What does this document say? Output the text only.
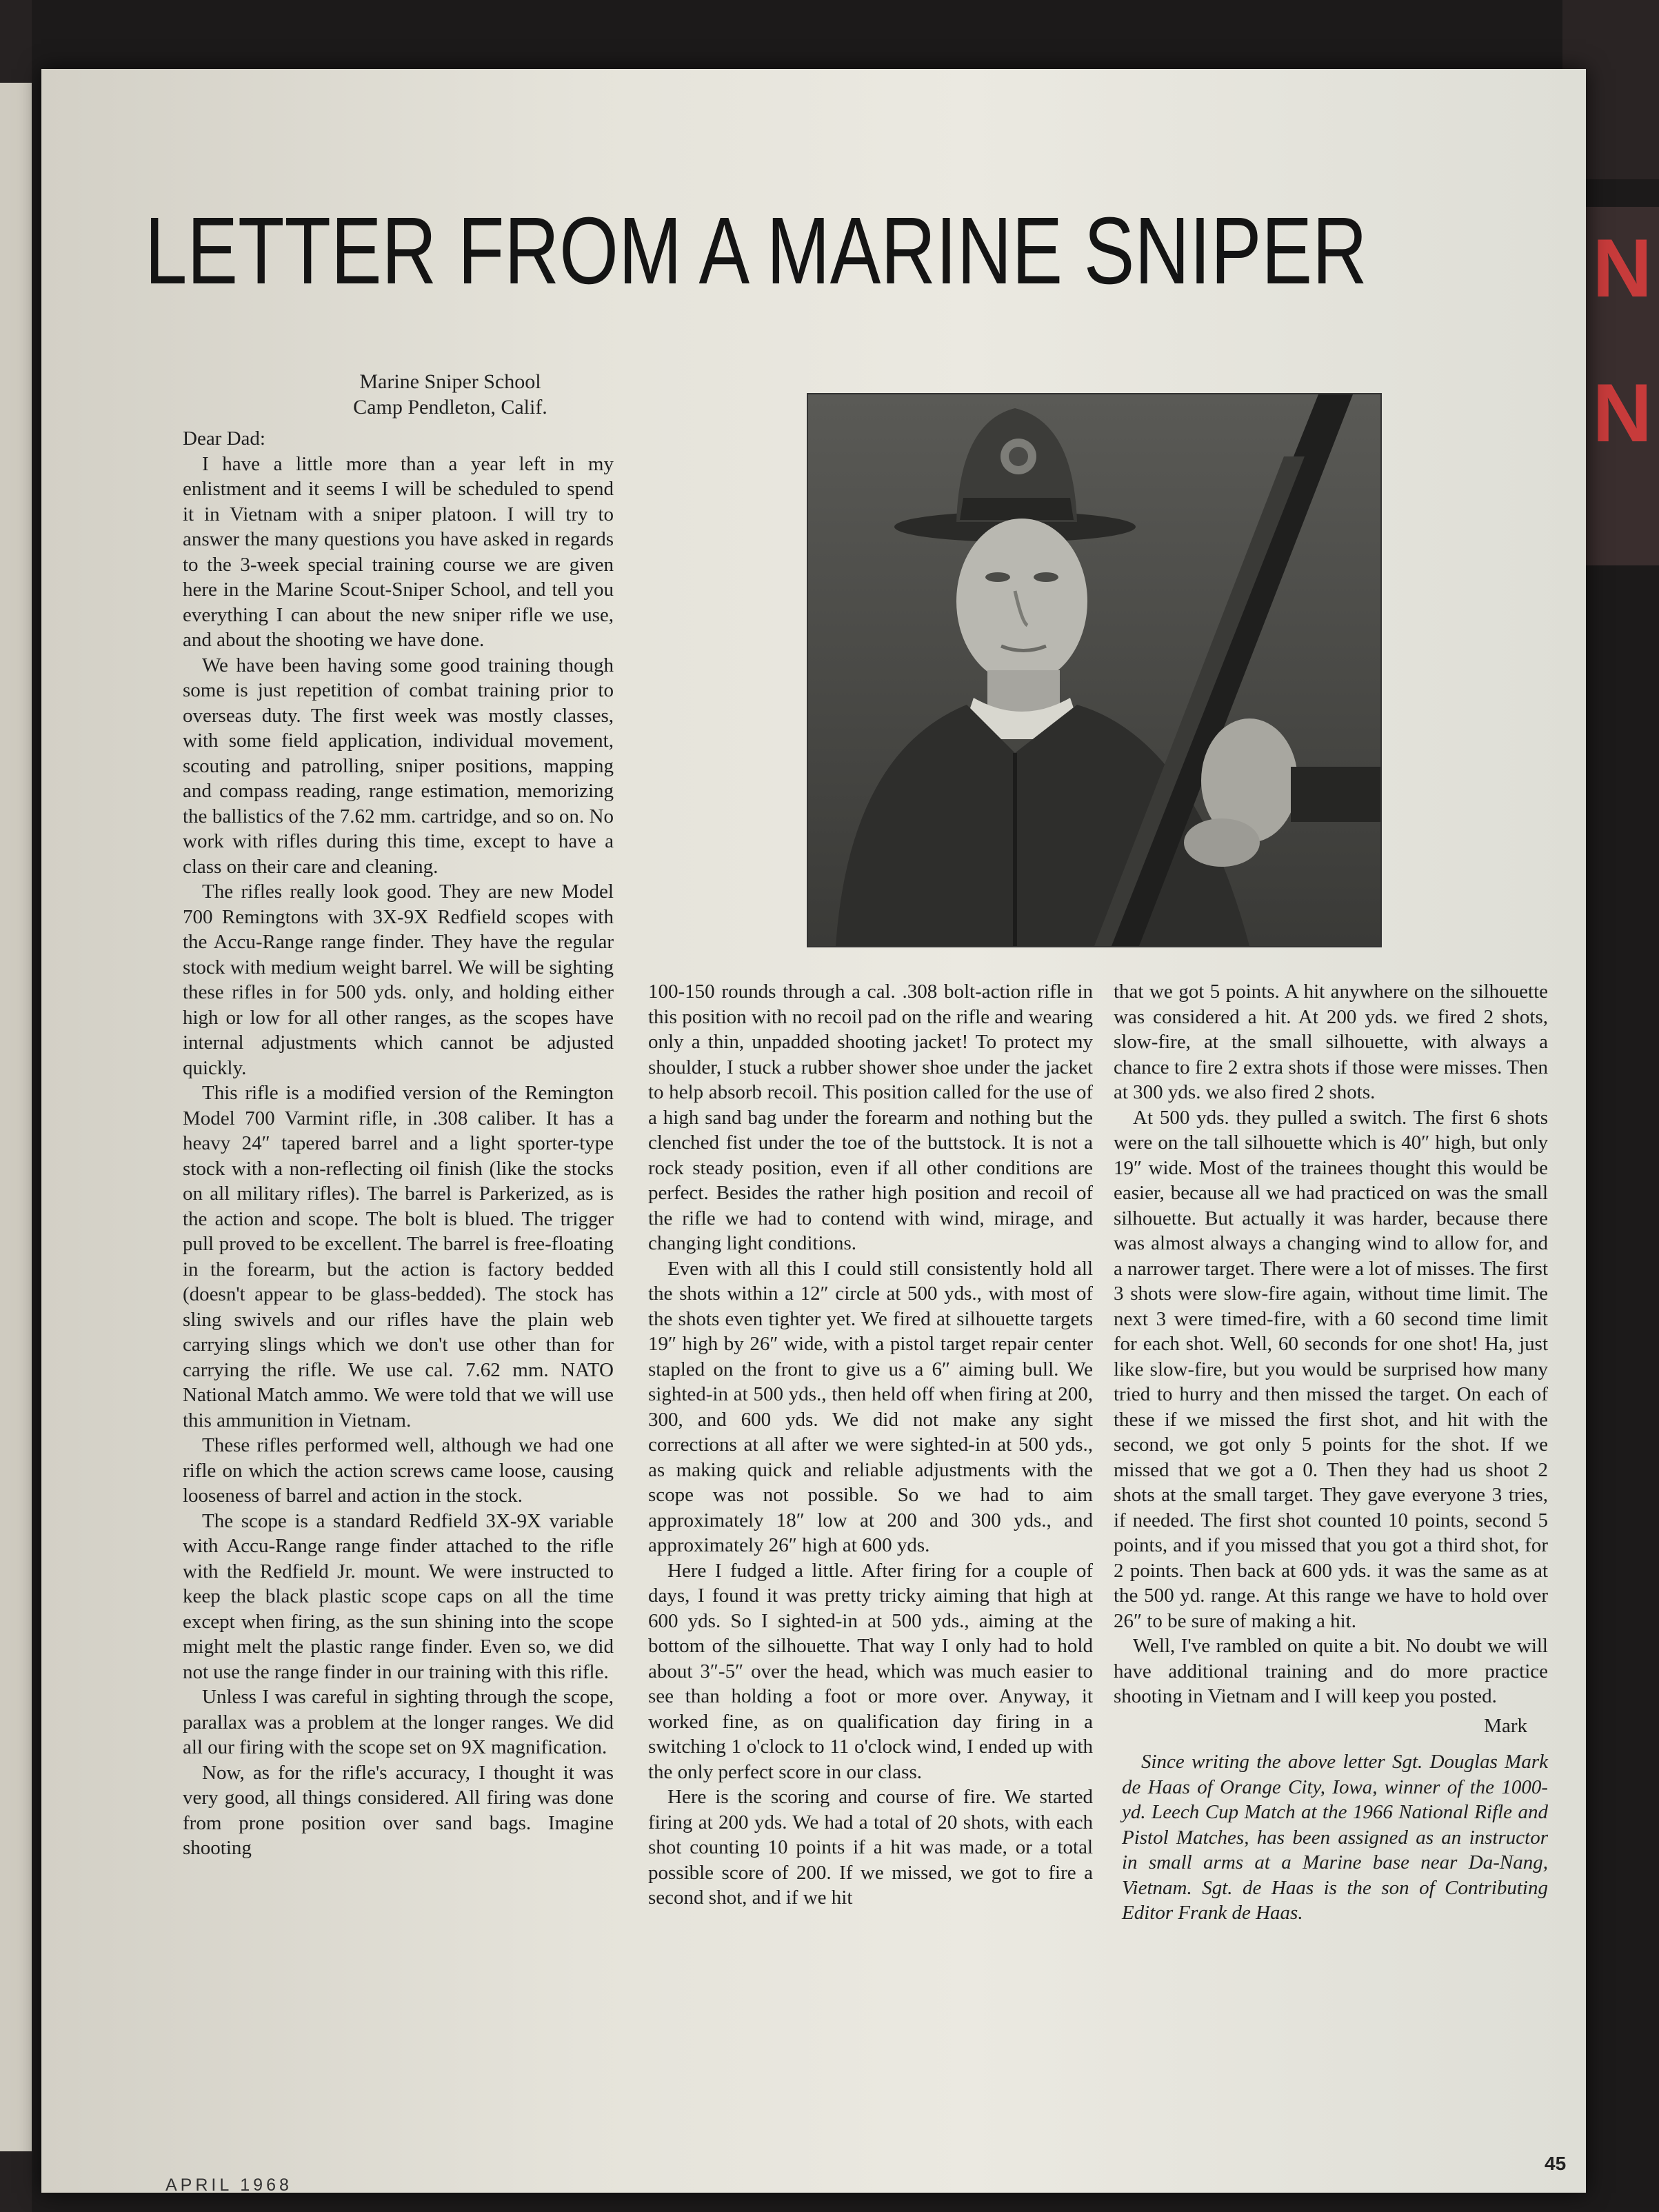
N
N
LETTER FROM A MARINE SNIPER
Marine Sniper School
Camp Pendleton, Calif.

Dear Dad:

I have a little more than a year left in my enlistment and it seems I will be scheduled to spend it in Vietnam with a sniper platoon. I will try to answer the many questions you have asked in regards to the 3-week special training course we are given here in the Marine Scout-Sniper School, and tell you everything I can about the new sniper rifle we use, and about the shooting we have done.

We have been having some good training though some is just repetition of combat training prior to overseas duty. The first week was mostly classes, with some field application, individual movement, scouting and patrolling, sniper positions, mapping and compass reading, range estimation, memorizing the ballistics of the 7.62 mm. cartridge, and so on. No work with rifles during this time, except to have a class on their care and cleaning.

The rifles really look good. They are new Model 700 Remingtons with 3X-9X Redfield scopes with the Accu-Range range finder. They have the regular stock with medium weight barrel. We will be sighting these rifles in for 500 yds. only, and holding either high or low for all other ranges, as the scopes have internal adjustments which cannot be adjusted quickly.

This rifle is a modified version of the Remington Model 700 Varmint rifle, in .308 caliber. It has a heavy 24″ tapered barrel and a light sporter-type stock with a non-reflecting oil finish (like the stocks on all military rifles). The barrel is Parkerized, as is the action and scope. The bolt is blued. The trigger pull proved to be excellent. The barrel is free-floating in the forearm, but the action is factory bedded (doesn't appear to be glass-bedded). The stock has sling swivels and our rifles have the plain web carrying slings which we don't use other than for carrying the rifle. We use cal. 7.62 mm. NATO National Match ammo. We were told that we will use this ammunition in Vietnam.

These rifles performed well, although we had one rifle on which the action screws came loose, causing looseness of barrel and action in the stock.

The scope is a standard Redfield 3X-9X variable with Accu-Range range finder attached to the rifle with the Redfield Jr. mount. We were instructed to keep the black plastic scope caps on all the time except when firing, as the sun shining into the scope might melt the plastic range finder. Even so, we did not use the range finder in our training with this rifle.

Unless I was careful in sighting through the scope, parallax was a problem at the longer ranges. We did all our firing with the scope set on 9X magnification.

Now, as for the rifle's accuracy, I thought it was very good, all things considered. All firing was done from prone position over sand bags. Imagine shooting

100-150 rounds through a cal. .308 bolt-action rifle in this position with no recoil pad on the rifle and wearing only a thin, unpadded shooting jacket! To protect my shoulder, I stuck a rubber shower shoe under the jacket to help absorb recoil. This position called for the use of a high sand bag under the forearm and nothing but the clenched fist under the toe of the buttstock. It is not a rock steady position, even if all other conditions are perfect. Besides the rather high position and recoil of the rifle we had to contend with wind, mirage, and changing light conditions.

Even with all this I could still consistently hold all the shots within a 12″ circle at 500 yds., with most of the shots even tighter yet. We fired at silhouette targets 19″ high by 26″ wide, with a pistol target repair center stapled on the front to give us a 6″ aiming bull. We sighted-in at 500 yds., then held off when firing at 200, 300, and 600 yds. We did not make any sight corrections at all after we were sighted-in at 500 yds., as making quick and reliable adjustments with the scope was not possible. So we had to aim approximately 18″ low at 200 and 300 yds., and approximately 26″ high at 600 yds.

Here I fudged a little. After firing for a couple of days, I found it was pretty tricky aiming that high at 600 yds. So I sighted-in at 500 yds., aiming at the bottom of the silhouette. That way I only had to hold about 3″-5″ over the head, which was much easier to see than holding a foot or more over. Anyway, it worked fine, as on qualification day firing in a switching 1 o'clock to 11 o'clock wind, I ended up with the only perfect score in our class.

Here is the scoring and course of fire. We started firing at 200 yds. We had a total of 20 shots, with each shot counting 10 points if a hit was made, or a total possible score of 200. If we missed, we got to fire a second shot, and if we hit

that we got 5 points. A hit anywhere on the silhouette was considered a hit. At 200 yds. we fired 2 shots, slow-fire, at the small silhouette, with always a chance to fire 2 extra shots if those were misses. Then at 300 yds. we also fired 2 shots.

At 500 yds. they pulled a switch. The first 6 shots were on the tall silhouette which is 40″ high, but only 19″ wide. Most of the trainees thought this would be easier, because all we had practiced on was the small silhouette. But actually it was harder, because there was almost always a changing wind to allow for, and a narrower target. There were a lot of misses. The first 3 shots were slow-fire again, without time limit. The next 3 were timed-fire, with a 60 second time limit for each shot. Well, 60 seconds for one shot! Ha, just like slow-fire, but you would be surprised how many tried to hurry and then missed the target. On each of these if we missed the first shot, and hit with the second, we got only 5 points for the shot. If we missed that we got a 0. Then they had us shoot 2 shots at the small target. They gave everyone 3 tries, if needed. The first shot counted 10 points, second 5 points, and if you missed that you got a third shot, for 2 points. Then back at 600 yds. it was the same as at the 500 yd. range. At this range we have to hold over 26″ to be sure of making a hit.

Well, I've rambled on quite a bit. No doubt we will have additional training and do more practice shooting in Vietnam and I will keep you posted.

Mark

Since writing the above letter Sgt. Douglas Mark de Haas of Orange City, Iowa, winner of the 1000-yd. Leech Cup Match at the 1966 National Rifle and Pistol Matches, has been assigned as an instructor in small arms at a Marine base near Da-Nang, Vietnam. Sgt. de Haas is the son of Contributing Editor Frank de Haas.

APRIL 1968
45
